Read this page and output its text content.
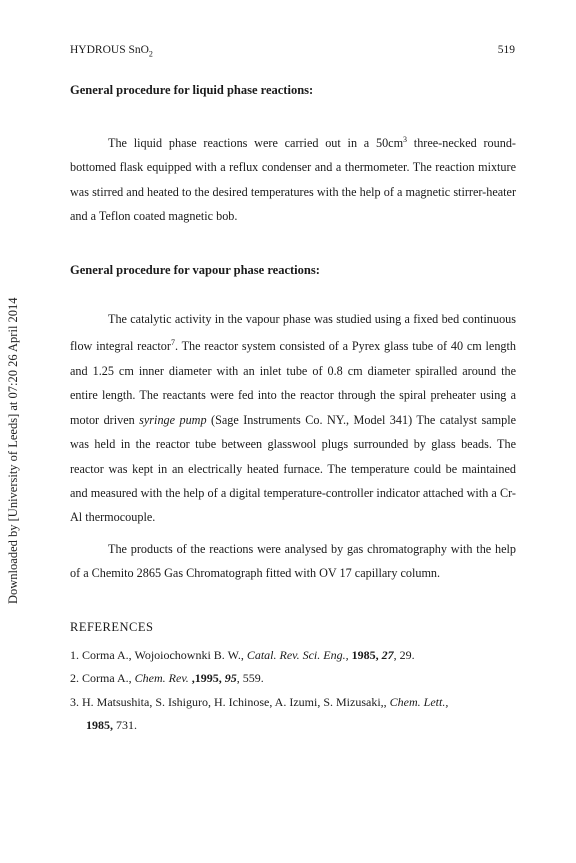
HYDROUS SnO$_2$	519
Downloaded by [University of Leeds] at 07:20 26 April 2014
General procedure for liquid phase reactions:

The liquid phase reactions were carried out in a $50cm^3$ three-necked round-bottomed flask equipped with a reflux condenser and a thermometer. The reaction mixture was stirred and heated to the desired temperatures with the help of a magnetic stirrer-heater and a Teflon coated magnetic bob.

General procedure for vapour phase reactions:

The catalytic activity in the vapour phase was studied using a fixed bed continuous flow integral reactor$^7$. The reactor system consisted of a Pyrex glass tube of 40 cm length and 1.25 cm inner diameter with an inlet tube of 0.8 cm diameter spiralled around the entire length. The reactants were fed into the reactor through the spiral preheater using a motor driven syringe pump (Sage Instruments Co. NY., Model 341) The catalyst sample was held in the reactor tube between glasswool plugs surrounded by glass beads. The reactor was kept in an electrically heated furnace. The temperature could be maintained and measured with the help of a digital temperature-controller indicator attached with a Cr-Al thermocouple.

The products of the reactions were analysed by gas chromatography with the help of a Chemito 2865 Gas Chromatograph fitted with OV 17 capillary column.

REFERENCES

1. Corma A., Wojoiochownki B. W., Catal. Rev. Sci. Eng., 1985, 27, 29.
2. Corma A., Chem. Rev. ,1995, 95, 559.
3. H. Matsushita, S. Ishiguro, H. Ichinose, A. Izumi, S. Mizusaki,, Chem. Lett.,
1985, 731.
